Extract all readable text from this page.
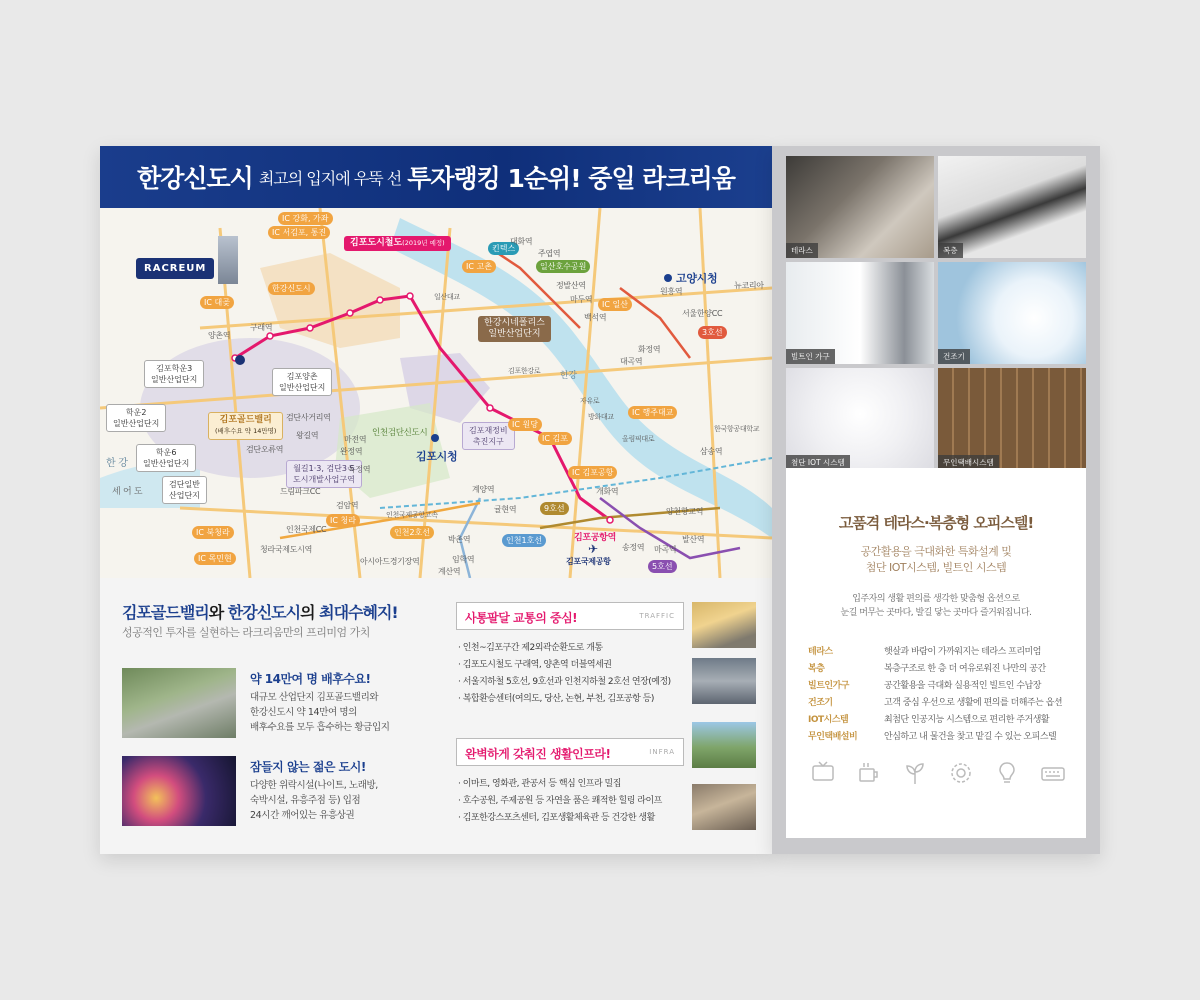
한강신도시 최고의 입지에 우뚝 선 투자랭킹 1순위! 중일 라크리움
RACREUM
김포도시철도(2019년 예정)
한강시네폴리스
일반산업단지
김포학운3
일반산업단지	김포양촌
일반산업단지
학운2
일반산업단지	김포골드밸리
(배후수요 약 14만명)
학운6
일반산업단지
검단일반
산업단지
월길1·3, 검단3·5
도시개발사업구역
김포재정비
촉진지구
김포시청
고양시청
한강신도시
인천검단신도시
김포공항역
김포국제공항
✈
IC 강화, 가좌
IC 서김포, 통진
IC 대곶
IC 고촌
IC 북청라
IC 목민현
IC 일산
IC 행주대교
IC 김포
IC 청라
IC 원당
IC 김포공항
일산호수공원
킨텍스
3호선
9호선
5호선
인천1호선
인천2호선
양촌역
구래역
대화역
주엽역
정발산역
마두역
백석역
화정역
대곡역
원흥역
삼송역
개화역
송정역 마곡역
발산역
양천향교역
계양역
귤현역
박촌역
임학역
계산역
마전역
완정역
독정역
검단사거리역
왕길역
검단오류역
검암역
한 강
세 어 도	드림파크CC
인천국제CC
청라국제도시역
아시아드경기장역
서울한양CC
뉴코리아
한국항공대학교
한강
인천국제공항고속
일산대교
김포한강로
올림픽대로
자유로
방화대교
김포골드밸리와 한강신도시의 최대수혜지!
성공적인 투자를 실현하는 라크리움만의 프리미엄 가치
약 14만여 명 배후수요!
대규모 산업단지 김포골드밸리와
한강신도시 약 14만여 명의
배후수요를 모두 흡수하는 황금입지
잠들지 않는 젊은 도시!
다양한 위락시설(나이트, 노래방,
숙박시설, 유흥주점 등) 입점
24시간 깨어있는 유흥상권
사통팔달 교통의 중심!	TRAFFIC
· 인천~김포구간 제2외곽순환도로 개통
· 김포도시철도 구래역, 양촌역 더블역세권
· 서울지하철 5호선, 9호선과 인천지하철 2호선 연장(예정)
· 복합환승센터(여의도, 당산, 논현, 부천, 김포공항 등)
완벽하게 갖춰진 생활인프라!	INFRA
· 이마트, 영화관, 관공서 등 핵심 인프라 밀집
· 호수공원, 주제공원 등 자연을 품은 쾌적한 힐링 라이프
· 김포한강스포츠센터, 김포생활체육관 등 건강한 생활
테라스	복층
빌트인 가구	건조기
첨단 IOT 시스템	무인택배시스템
고품격 테라스·복층형 오피스텔!
공간활용을 극대화한 특화설계 및
첨단 IOT시스템, 빌트인 시스템
입주자의 생활 편의를 생각한 맞춤형 옵션으로
눈길 머무는 곳마다, 발길 닿는 곳마다 즐거워집니다.
테라스	햇살과 바람이 가까워지는 테라스 프리미엄
복층	복층구조로 한 층 더 여유로워진 나만의 공간
빌트인가구	공간활용을 극대화 실용적인 빌트인 수납장
건조기	고객 중심 우선으로 생활에 편의를 더해주는 옵션
IOT시스템	최첨단 인공지능 시스템으로 편리한 주거생활
무인택배설비	안심하고 내 물건을 찾고 맡길 수 있는 오피스텔
